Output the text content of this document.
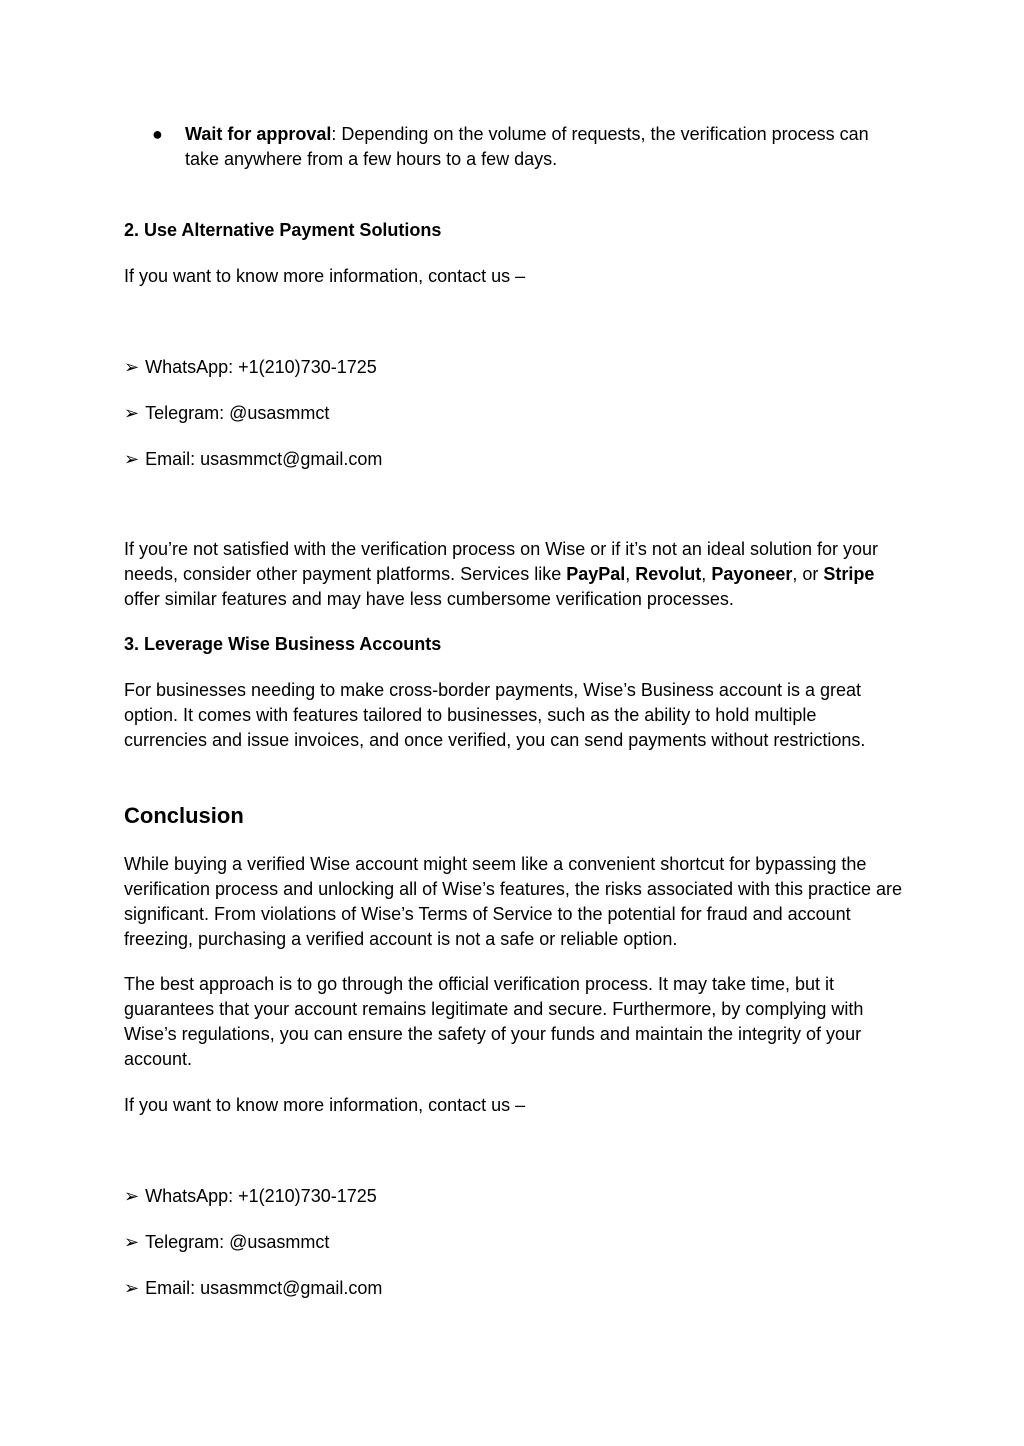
● Wait for approval: Depending on the volume of requests, the verification process can take anywhere from a few hours to a few days.
2. Use Alternative Payment Solutions
If you want to know more information, contact us –
➢ WhatsApp: +1(210)730-1725
➢ Telegram: @usasmmct
➢ Email: usasmmct@gmail.com
If you’re not satisfied with the verification process on Wise or if it’s not an ideal solution for your needs, consider other payment platforms. Services like PayPal, Revolut, Payoneer, or Stripe offer similar features and may have less cumbersome verification processes.
3. Leverage Wise Business Accounts
For businesses needing to make cross-border payments, Wise’s Business account is a great option. It comes with features tailored to businesses, such as the ability to hold multiple currencies and issue invoices, and once verified, you can send payments without restrictions.
Conclusion
While buying a verified Wise account might seem like a convenient shortcut for bypassing the verification process and unlocking all of Wise’s features, the risks associated with this practice are significant. From violations of Wise’s Terms of Service to the potential for fraud and account freezing, purchasing a verified account is not a safe or reliable option.
The best approach is to go through the official verification process. It may take time, but it guarantees that your account remains legitimate and secure. Furthermore, by complying with Wise’s regulations, you can ensure the safety of your funds and maintain the integrity of your account.
If you want to know more information, contact us –
➢ WhatsApp: +1(210)730-1725
➢ Telegram: @usasmmct
➢ Email: usasmmct@gmail.com
